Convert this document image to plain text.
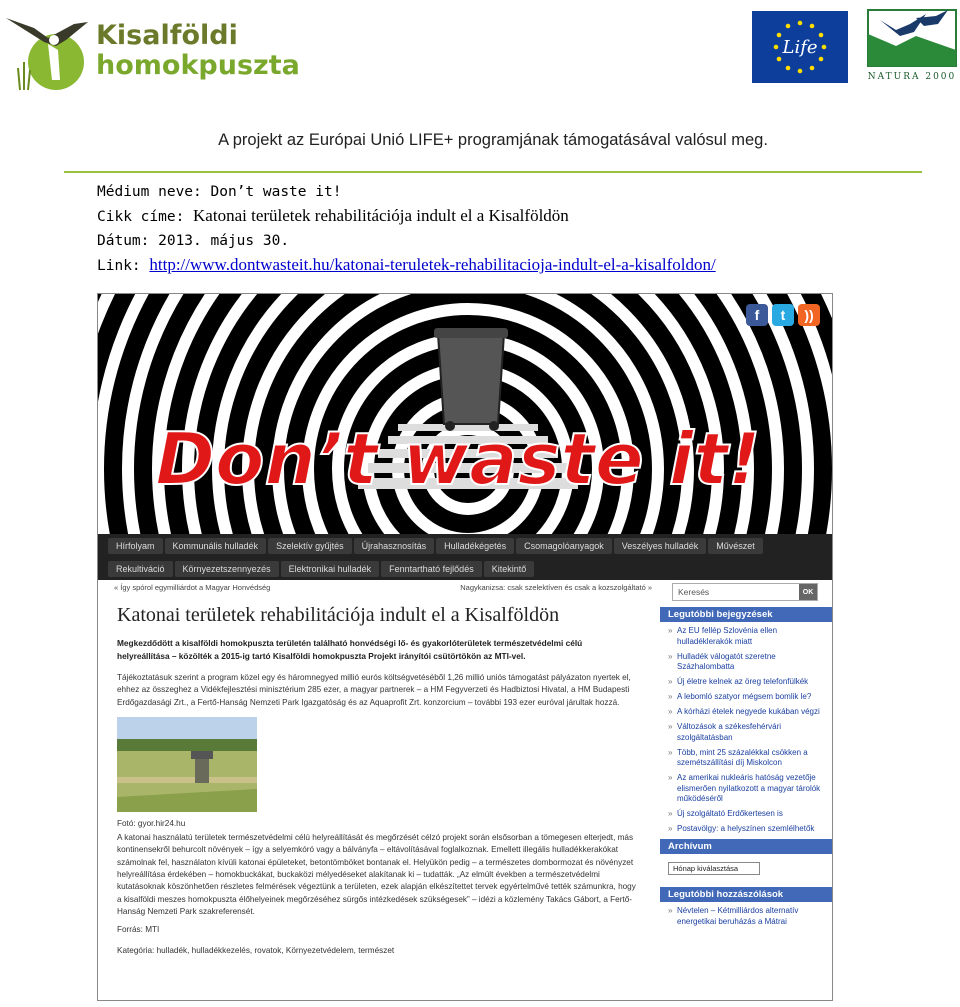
Kisalföldi
homokpuszta
Life
NATURA 2000
A projekt az Európai Unió LIFE+ programjának támogatásával valósul meg.
Médium neve: Don’t waste it!
Cikk címe: Katonai területek rehabilitációja indult el a Kisalföldön
Dátum: 2013. május 30.
Link: http://www.dontwasteit.hu/katonai-teruletek-rehabilitacioja-indult-el-a-kisalfoldon/
f	t	))
Don’t waste it!
Hírfolyam	Kommunális hulladék	Szelektív gyűjtés	Újrahasznosítás	Hulladékégetés	Csomagolóanyagok	Veszélyes hulladék	Művészet
Rekultiváció	Környezetszennyezés	Elektronikai hulladék	Fenntartható fejlődés	Kitekintő
« Így spórol egymilliárdot a Magyar Honvédség	Nagykanizsa: csak szelektíven és csak a kozszolgáltató »
Katonai területek rehabilitációja indult el a Kisalföldön
Megkezdődött a kisalföldi homokpuszta területén található honvédségi lő- és gyakorlóterületek természetvédelmi célú helyreállítása – közölték a 2015-ig tartó Kisalföldi homokpuszta Projekt irányítói csütörtökön az MTI-vel.
Tájékoztatásuk szerint a program közel egy és háromnegyed millió eurós költségvetésébõl 1,26 millió uniós támogatást pályázaton nyertek el, ehhez az összeghez a Vidékfejlesztési minisztérium 285 ezer, a magyar partnerek – a HM Fegyverzeti és Hadbiztosi Hivatal, a HM Budapesti Erdőgazdasági Zrt., a Fertő-Hanság Nemzeti Park Igazgatóság és az Aquaprofit Zrt. konzorcium – további 193 ezer euróval járultak hozzá.
Fotó: gyor.hir24.hu
A katonai használatú területek természetvédelmi célú helyreállítását és megőrzését célzó projekt során elsősorban a tömegesen elterjedt, más kontinensekről behurcolt növények – így a selyemkóró vagy a bálványfa – eltávolításával foglalkoznak. Emellett illegális hulladékkerakókat számolnak fel, használaton kívüli katonai épületeket, betontömböket bontanak el. Helyükön pedig – a természetes dombormozat és növényzet helyreállítása érdekében – homokbuckákat, buckaközi mélyedéseket alakítanak ki – tudatták. „Az elmúlt években a természetvédelmi kutatásoknak köszönhetően részletes felmérések végeztünk a területen, ezek alapján elkészítettet tervek egyértelművé tették számunkra, hogy a kisalföldi meszes homokpuszta élőhelyeinek megőrzéséhez sürgős intézkedések szükségesek” – idézi a közlemény Takács Gábort, a Fertő-Hanság Nemzeti Park szakreferensét.
Forrás: MTI
Kategória: hulladék, hulladékkezelés, rovatok, Környezetvédelem, természet
Keresés	OK
Legutóbbi bejegyzések
» Az EU fellép Szlovénia ellen hulladéklerakók miatt
» Hulladék válogatót szeretne Százhalombatta
» Új életre kelnek az öreg telefonfülkék
» A lebomló szatyor mégsem bomlik le?
» A kórházi ételek negyede kukában végzi
» Változások a székesfehérvári szolgáltatásban
» Több, mint 25 százalékkal csökken a szemétszállítási díj Miskolcon
» Az amerikai nukleáris hatóság vezetője elismerően nyilatkozott a magyar tárolók működéséről
» Új szolgáltató Erdőkertesen is
» Postavölgy: a helyszínen szemlélhetők
Archívum
Hónap kiválasztása
Legutóbbi hozzászólások
» Névtelen – Kétmilliárdos alternatív energetikai beruházás a Mátrai
